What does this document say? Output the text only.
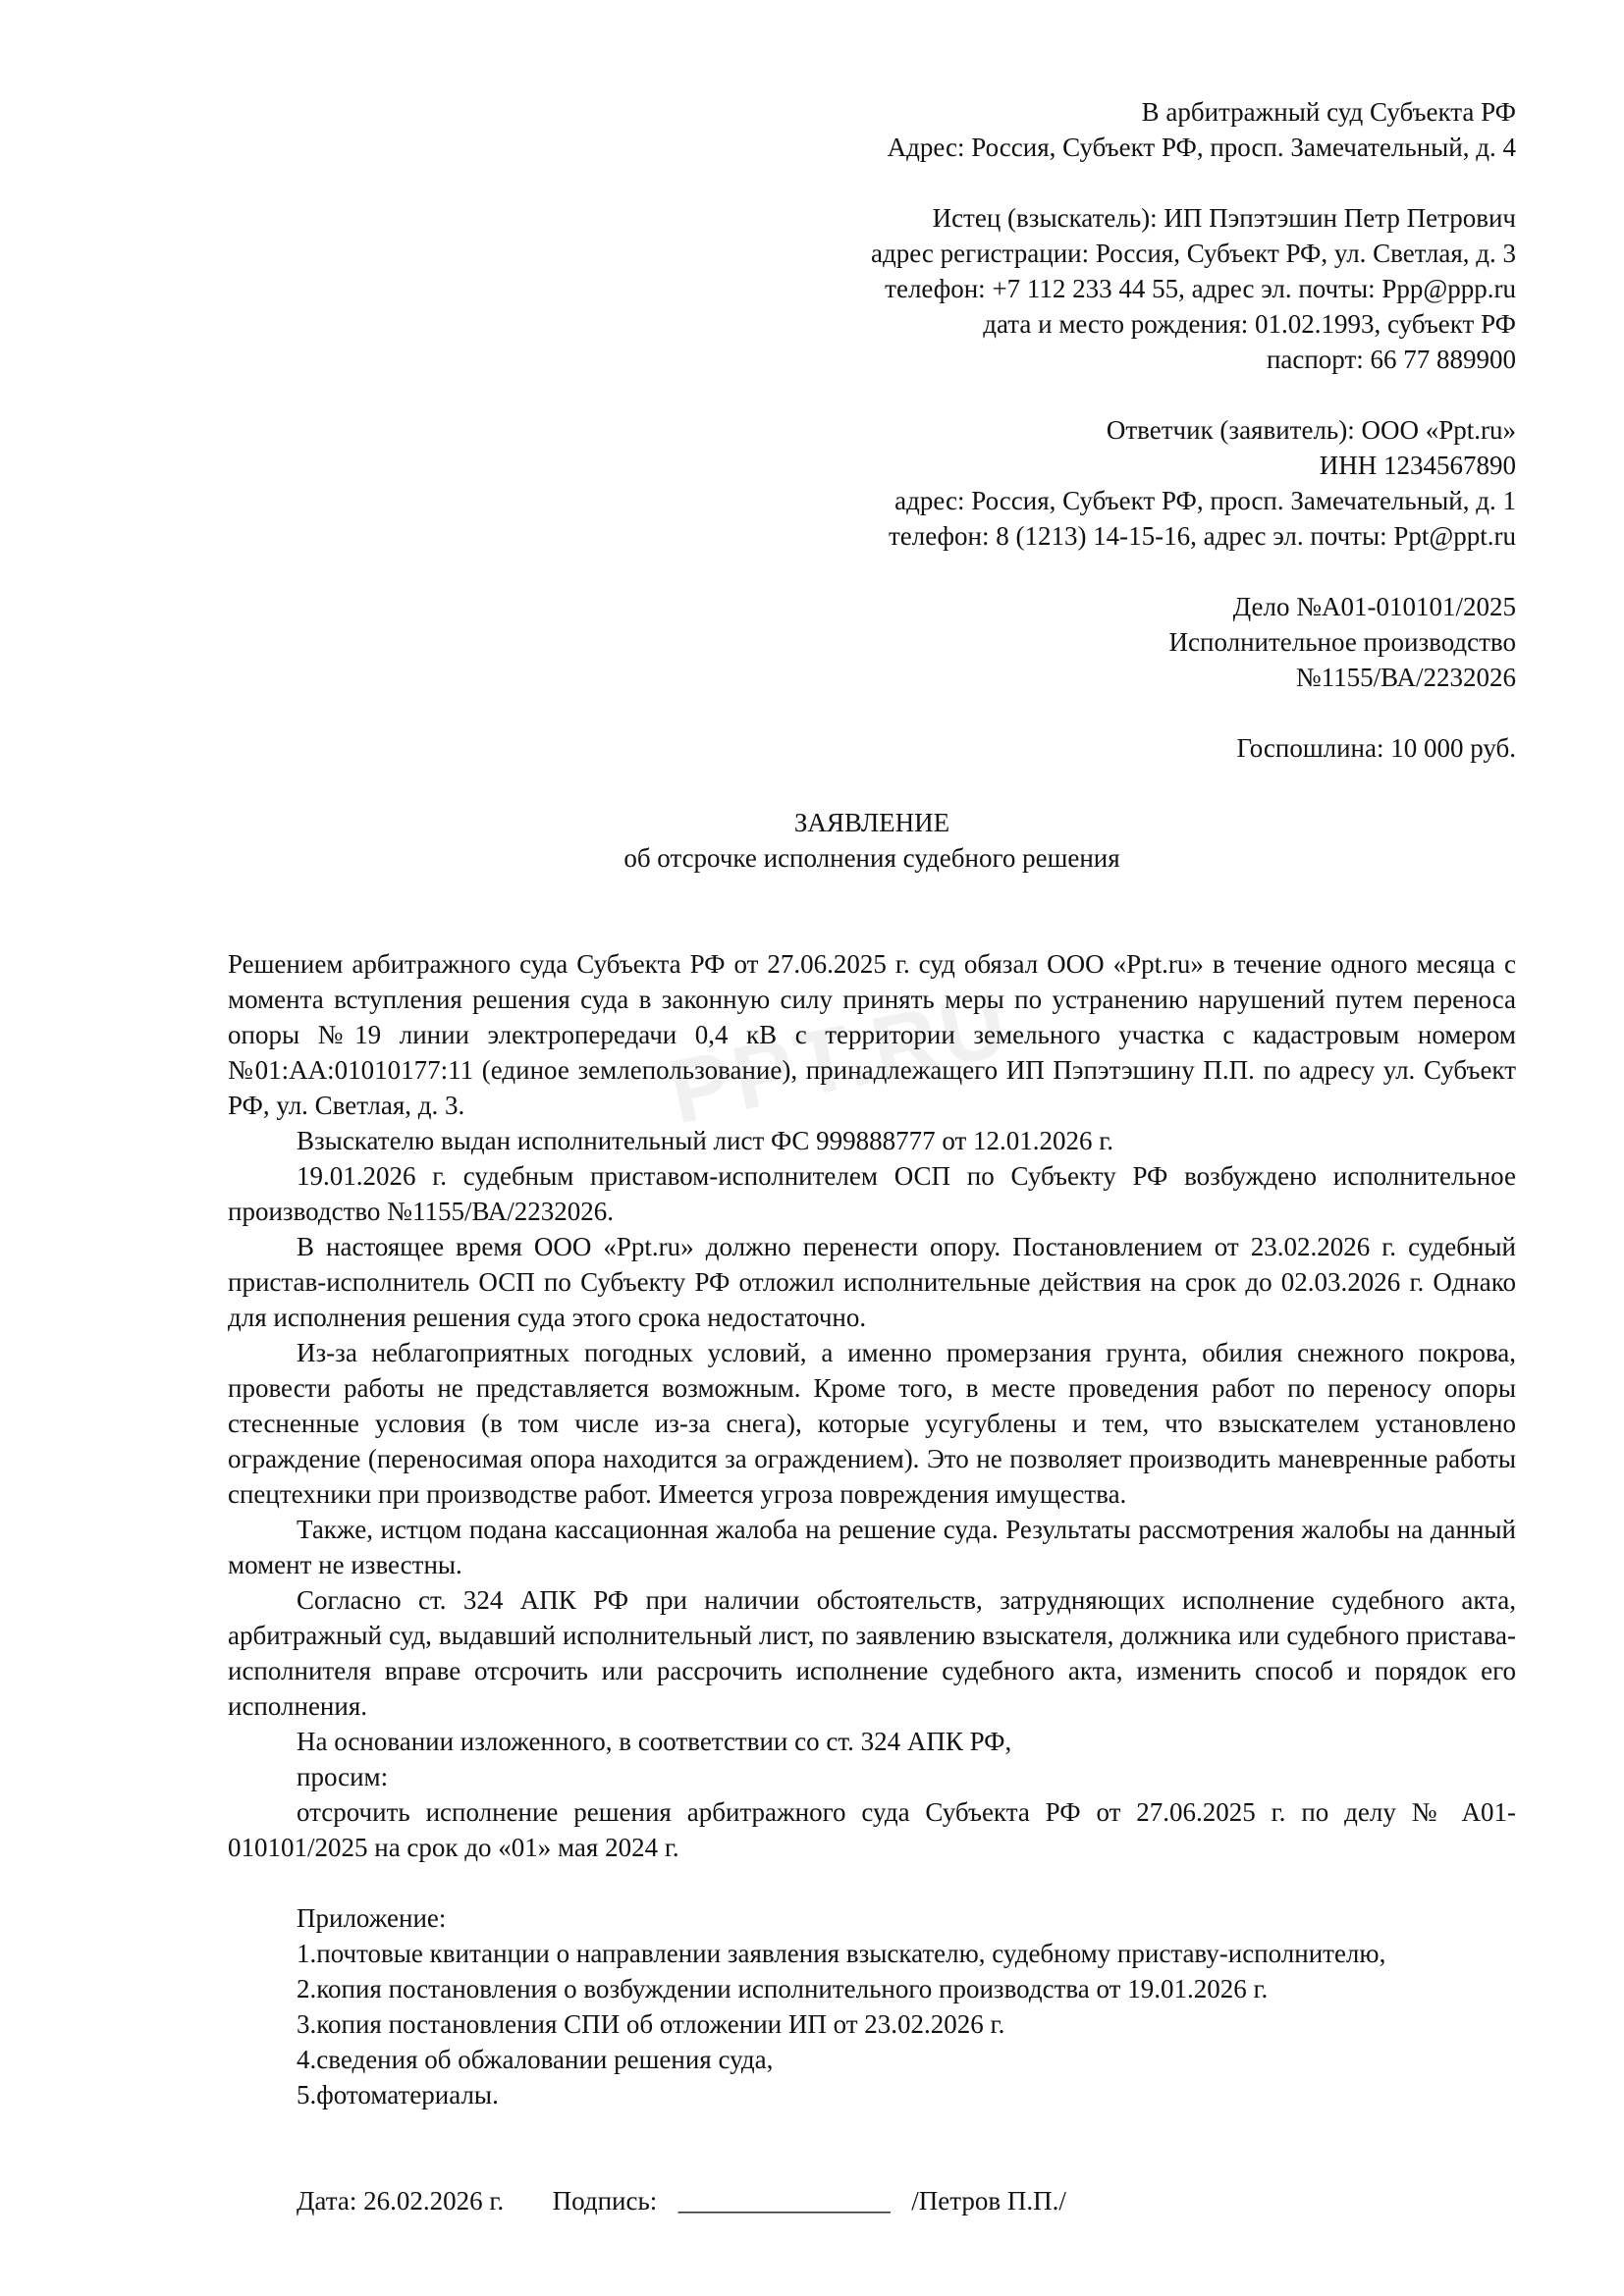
PPT.RU

В арбитражный суд Субъекта РФ

Адрес: Россия, Субъект РФ, просп. Замечательный, д. 4

Истец (взыскатель): ИП Пэпэтэшин Петр Петрович

адрес регистрации: Россия, Субъект РФ, ул. Светлая, д. 3

телефон: +7 112 233 44 55, адрес эл. почты: Ppp@ppp.ru

дата и место рождения: 01.02.1993, субъект РФ

паспорт: 66 77 889900

Ответчик (заявитель): ООО «Ppt.ru»

ИНН 1234567890

адрес: Россия, Субъект РФ, просп. Замечательный, д. 1

телефон: 8 (1213) 14-15-16, адрес эл. почты: Ppt@ppt.ru

Дело №А01-010101/2025

Исполнительное производство

№1155/ВА/2232026

Госпошлина: 10 000 руб.

ЗАЯВЛЕНИЕ

об отсрочке исполнения судебного решения

Решением арбитражного суда Субъекта РФ от 27.06.2025 г. суд обязал ООО «Ppt.ru» в течение одного месяца с момента вступления решения суда в законную силу принять меры по устранению нарушений путем переноса опоры №19 линии электропередачи 0,4 кВ с территории земельного участка с кадастровым номером №01:АА:01010177:11 (единое землепользование), принадлежащего ИП Пэпэтэшину П.П. по адресу ул. Субъект РФ, ул. Светлая, д. 3.

Взыскателю выдан исполнительный лист ФС 999888777 от 12.01.2026 г.

19.01.2026 г. судебным приставом-исполнителем ОСП по Субъекту РФ возбуждено исполнительное производство №1155/ВА/2232026.

В настоящее время ООО «Ppt.ru» должно перенести опору. Постановлением от 23.02.2026 г. судебный пристав-исполнитель ОСП по Субъекту РФ отложил исполнительные действия на срок до 02.03.2026 г. Однако для исполнения решения суда этого срока недостаточно.

Из-за неблагоприятных погодных условий, а именно промерзания грунта, обилия снежного покрова, провести работы не представляется возможным. Кроме того, в месте проведения работ по переносу опоры стесненные условия (в том числе из-за снега), которые усугублены и тем, что взыскателем установлено ограждение (переносимая опора находится за ограждением). Это не позволяет производить маневренные работы спецтехники при производстве работ. Имеется угроза повреждения имущества.

Также, истцом подана кассационная жалоба на решение суда. Результаты рассмотрения жалобы на данный момент не известны.

Согласно ст. 324 АПК РФ при наличии обстоятельств, затрудняющих исполнение судебного акта, арбитражный суд, выдавший исполнительный лист, по заявлению взыскателя, должника или судебного пристава-исполнителя вправе отсрочить или рассрочить исполнение судебного акта, изменить способ и порядок его исполнения.

На основании изложенного, в соответствии со ст. 324 АПК РФ,

просим:

отсрочить исполнение решения арбитражного суда Субъекта РФ от 27.06.2025 г. по делу № А01-010101/2025 на срок до «01» мая 2024 г.

Приложение:

1.почтовые квитанции о направлении заявления взыскателю, судебному приставу-исполнителю,

2.копия постановления о возбуждении исполнительного производства от 19.01.2026 г.

3.копия постановления СПИ об отложении ИП от 23.02.2026 г.

4.сведения об обжаловании решения суда,

5.фотоматериалы.

Дата: 26.02.2026 г. Подпись: ________________ /Петров П.П./
